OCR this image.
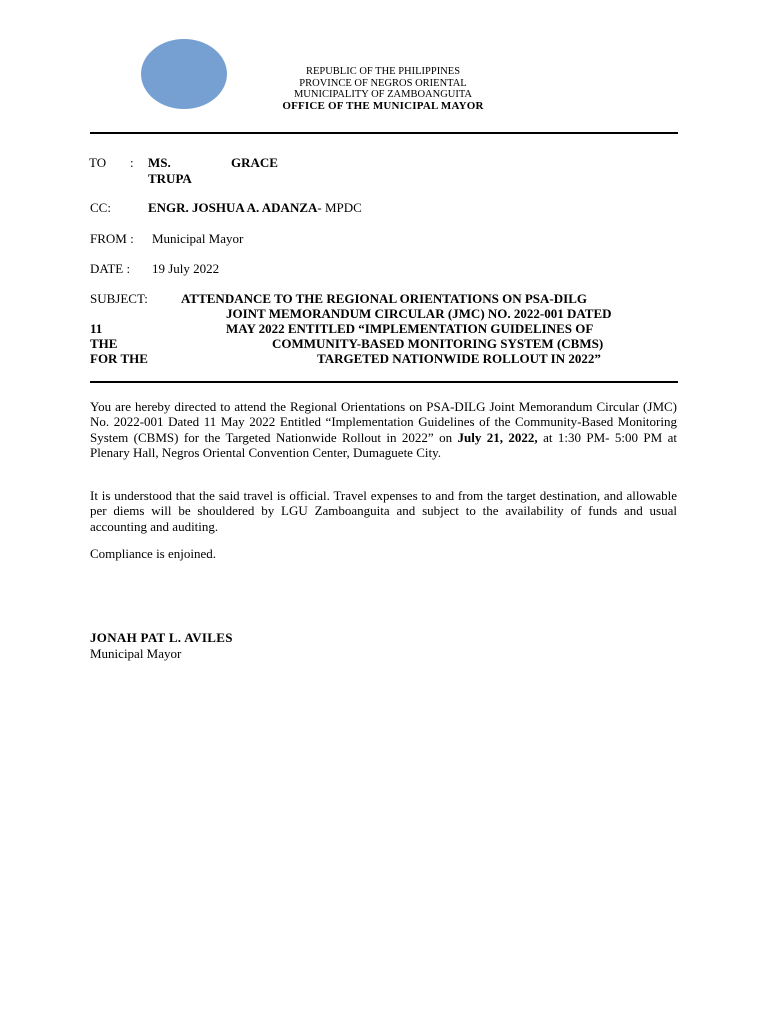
REPUBLIC OF THE PHILIPPINES
PROVINCE OF NEGROS ORIENTAL
MUNICIPALITY OF ZAMBOANGUITA
OFFICE OF THE MUNICIPAL MAYOR
TO : MS.	GRACE
TRUPA
CC:	ENGR. JOSHUA A. ADANZA- MPDC
FROM : Municipal Mayor
DATE : 19 July 2022
SUBJECT:	ATTENDANCE TO THE REGIONAL ORIENTATIONS ON PSA-DILG
JOINT MEMORANDUM CIRCULAR (JMC) NO. 2022-001 DATED
11	MAY 2022 ENTITLED “IMPLEMENTATION GUIDELINES OF
THE	COMMUNITY-BASED MONITORING SYSTEM (CBMS)
FOR THE	TARGETED NATIONWIDE ROLLOUT IN 2022”
You are hereby directed to attend the Regional Orientations on PSA-DILG Joint Memorandum Circular (JMC) No. 2022-001 Dated 11 May 2022 Entitled “Implementation Guidelines of the Community-Based Monitoring System (CBMS) for the Targeted Nationwide Rollout in 2022” on July 21, 2022, at 1:30 PM- 5:00 PM at Plenary Hall, Negros Oriental Convention Center, Dumaguete City.
It is understood that the said travel is official. Travel expenses to and from the target destination, and allowable per diems will be shouldered by LGU Zamboanguita and subject to the availability of funds and usual accounting and auditing.
Compliance is enjoined.
JONAH PAT L. AVILES
Municipal Mayor
